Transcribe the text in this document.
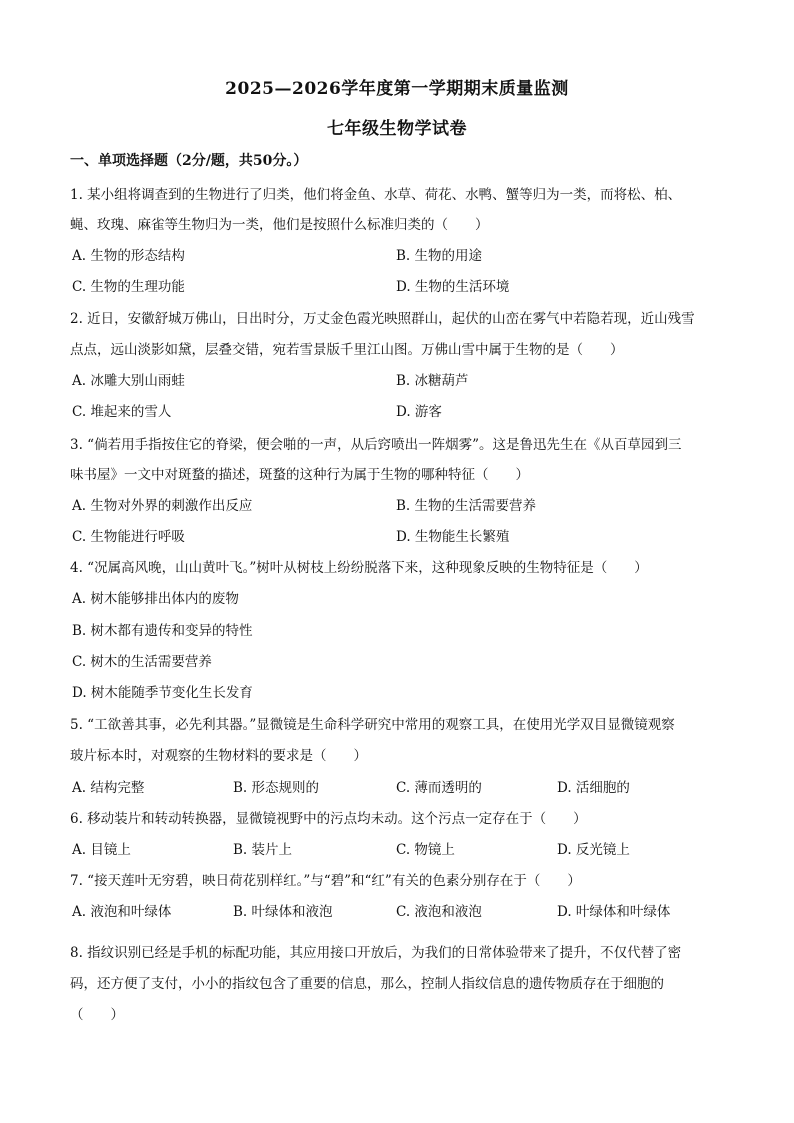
2025—2026学年度第一学期期末质量监测
七年级生物学试卷
一、单项选择题（2分/题，共50分。）
1. 某小组将调查到的生物进行了归类，他们将金鱼、水草、荷花、水鸭、蟹等归为一类，而将松、柏、
蝇、玫瑰、麻雀等生物归为一类，他们是按照什么标准归类的（　　）
A. 生物的形态结构	B. 生物的用途
C. 生物的生理功能	D. 生物的生活环境
2. 近日，安徽舒城万佛山，日出时分，万丈金色霞光映照群山，起伏的山峦在雾气中若隐若现，近山残雪
点点，远山淡影如黛，层叠交错，宛若雪景版千里江山图。万佛山雪中属于生物的是（　　）
A. 冰雕大别山雨蛙	B. 冰糖葫芦
C. 堆起来的雪人	D. 游客
3. “倘若用手指按住它的脊梁，便会啪的一声，从后窍喷出一阵烟雾”。这是鲁迅先生在《从百草园到三
味书屋》一文中对斑蝥的描述，斑蝥的这种行为属于生物的哪种特征（　　）
A. 生物对外界的刺激作出反应	B. 生物的生活需要营养
C. 生物能进行呼吸	D. 生物能生长繁殖
4. “况属高风晚，山山黄叶飞。”树叶从树枝上纷纷脱落下来，这种现象反映的生物特征是（　　）
A. 树木能够排出体内的废物
B. 树木都有遗传和变异的特性
C. 树木的生活需要营养
D. 树木能随季节变化生长发育
5. “工欲善其事，必先利其器。”显微镜是生命科学研究中常用的观察工具，在使用光学双目显微镜观察
玻片标本时，对观察的生物材料的要求是（　　）
A. 结构完整	B. 形态规则的	C. 薄而透明的	D. 活细胞的
6. 移动装片和转动转换器，显微镜视野中的污点均未动。这个污点一定存在于（　　）
A. 目镜上	B. 装片上	C. 物镜上	D. 反光镜上
7. “接天莲叶无穷碧，映日荷花别样红。”与“碧”和“红”有关的色素分别存在于（　　）
A. 液泡和叶绿体	B. 叶绿体和液泡	C. 液泡和液泡	D. 叶绿体和叶绿体
8. 指纹识别已经是手机的标配功能，其应用接口开放后，为我们的日常体验带来了提升，不仅代替了密
码，还方便了支付，小小的指纹包含了重要的信息，那么，控制人指纹信息的遗传物质存在于细胞的
（　　）
